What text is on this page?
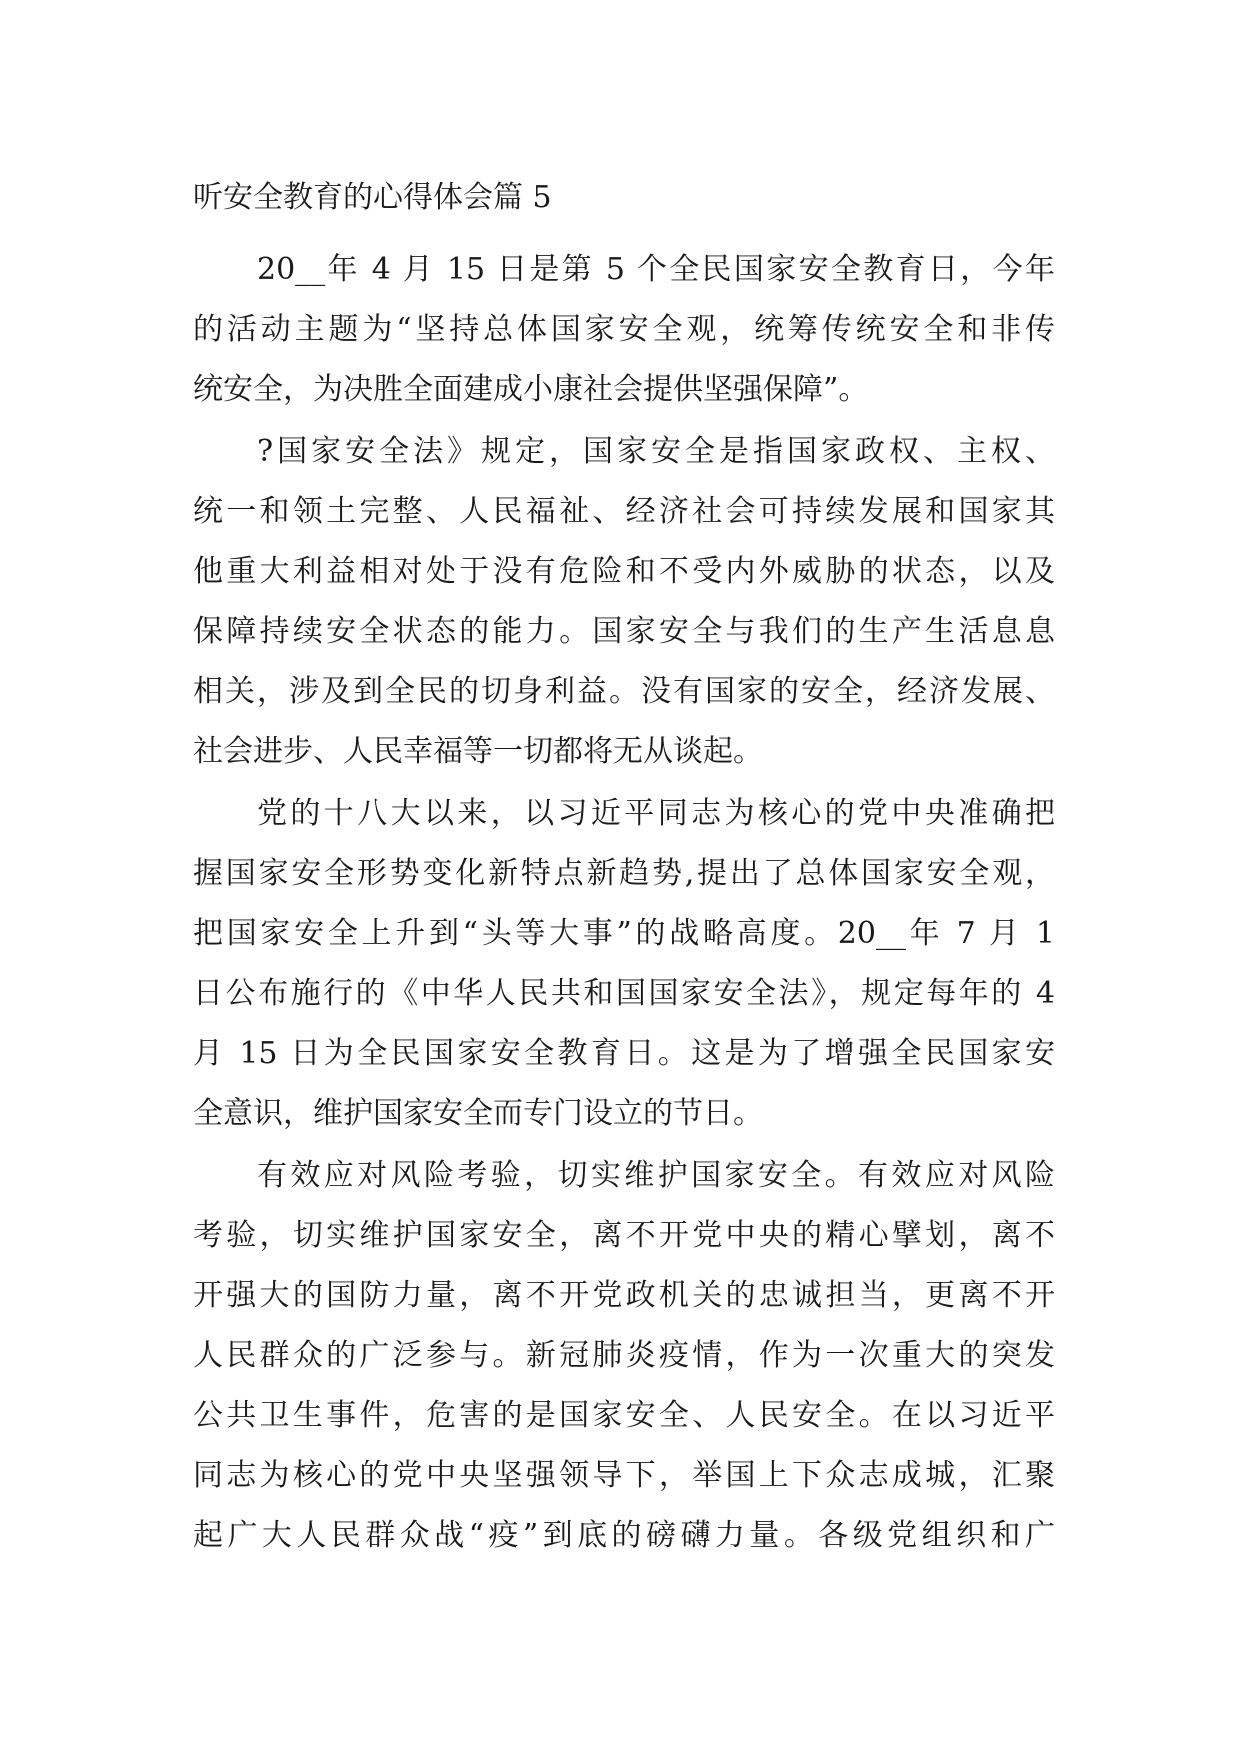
听安全教育的心得体会篇 5
20__年 4 月 15 日是第 5 个全民国家安全教育日，今年
的活动主题为“坚持总体国家安全观，统筹传统安全和非传
统安全，为决胜全面建成小康社会提供坚强保障”。
?国家安全法》规定，国家安全是指国家政权、主权、
统一和领土完整、人民福祉、经济社会可持续发展和国家其
他重大利益相对处于没有危险和不受内外威胁的状态，以及
保障持续安全状态的能力。国家安全与我们的生产生活息息
相关，涉及到全民的切身利益。没有国家的安全，经济发展、
社会进步、人民幸福等一切都将无从谈起。
党的十八大以来，以习近平同志为核心的党中央准确把
握国家安全形势变化新特点新趋势,提出了总体国家安全观，
把国家安全上升到“头等大事”的战略高度。20__年 7 月 1
日公布施行的《中华人民共和国国家安全法》，规定每年的 4
月 15 日为全民国家安全教育日。这是为了增强全民国家安
全意识，维护国家安全而专门设立的节日。
有效应对风险考验，切实维护国家安全。有效应对风险
考验，切实维护国家安全，离不开党中央的精心擘划，离不
开强大的国防力量，离不开党政机关的忠诚担当，更离不开
人民群众的广泛参与。新冠肺炎疫情，作为一次重大的突发
公共卫生事件，危害的是国家安全、人民安全。在以习近平
同志为核心的党中央坚强领导下，举国上下众志成城，汇聚
起广大人民群众战“疫”到底的磅礴力量。各级党组织和广
